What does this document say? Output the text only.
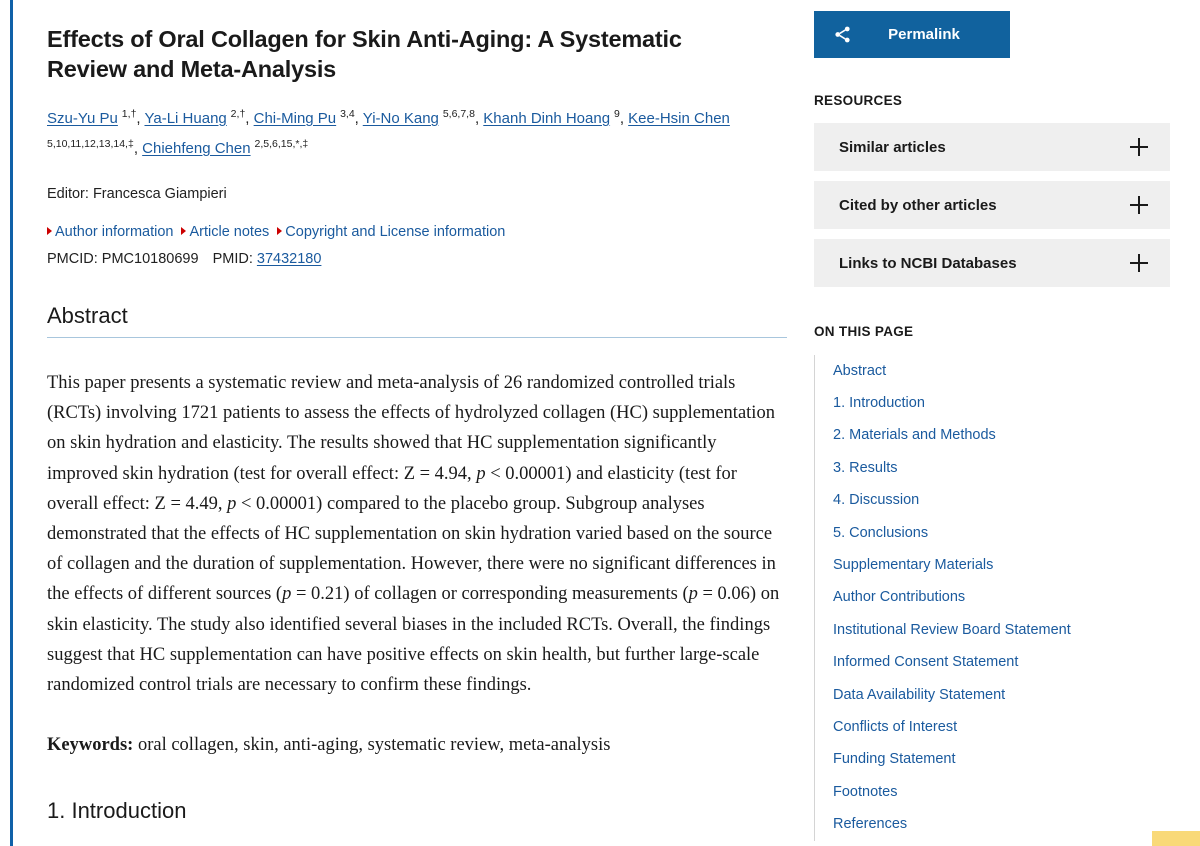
Effects of Oral Collagen for Skin Anti-Aging: A Systematic Review and Meta-Analysis
Szu-Yu Pu $^{1,\dagger}$, Ya-Li Huang $^{2,\dagger}$, Chi-Ming Pu $^{3,4}$, Yi-No Kang $^{5,6,7,8}$, Khanh Dinh Hoang $^9$, Kee-Hsin Chen $^{5,10,11,12,13,14,\ddagger}$, Chiehfeng Chen $^{2,5,6,15,*,\ddagger}$
Editor: Francesca Giampieri
Author information Article notes Copyright and License information
PMCID: PMC10180699 PMID: 37432180
Abstract

This paper presents a systematic review and meta-analysis of 26 randomized controlled trials (RCTs) involving 1721 patients to assess the effects of hydrolyzed collagen (HC) supplementation on skin hydration and elasticity. The results showed that HC supplementation significantly improved skin hydration (test for overall effect: Z = 4.94, p < 0.00001) and elasticity (test for overall effect: Z = 4.49, p < 0.00001) compared to the placebo group. Subgroup analyses demonstrated that the effects of HC supplementation on skin hydration varied based on the source of collagen and the duration of supplementation. However, there were no significant differences in the effects of different sources (p = 0.21) of collagen or corresponding measurements (p = 0.06) on skin elasticity. The study also identified several biases in the included RCTs. Overall, the findings suggest that HC supplementation can have positive effects on skin health, but further large-scale randomized control trials are necessary to confirm these findings.

Keywords: oral collagen, skin, anti-aging, systematic review, meta-analysis
1. Introduction
Permalink
RESOURCES
Similar articles
Cited by other articles
Links to NCBI Databases
ON THIS PAGE
Abstract
1. Introduction
2. Materials and Methods
3. Results
4. Discussion
5. Conclusions
Supplementary Materials
Author Contributions
Institutional Review Board Statement
Informed Consent Statement
Data Availability Statement
Conflicts of Interest
Funding Statement
Footnotes
References
